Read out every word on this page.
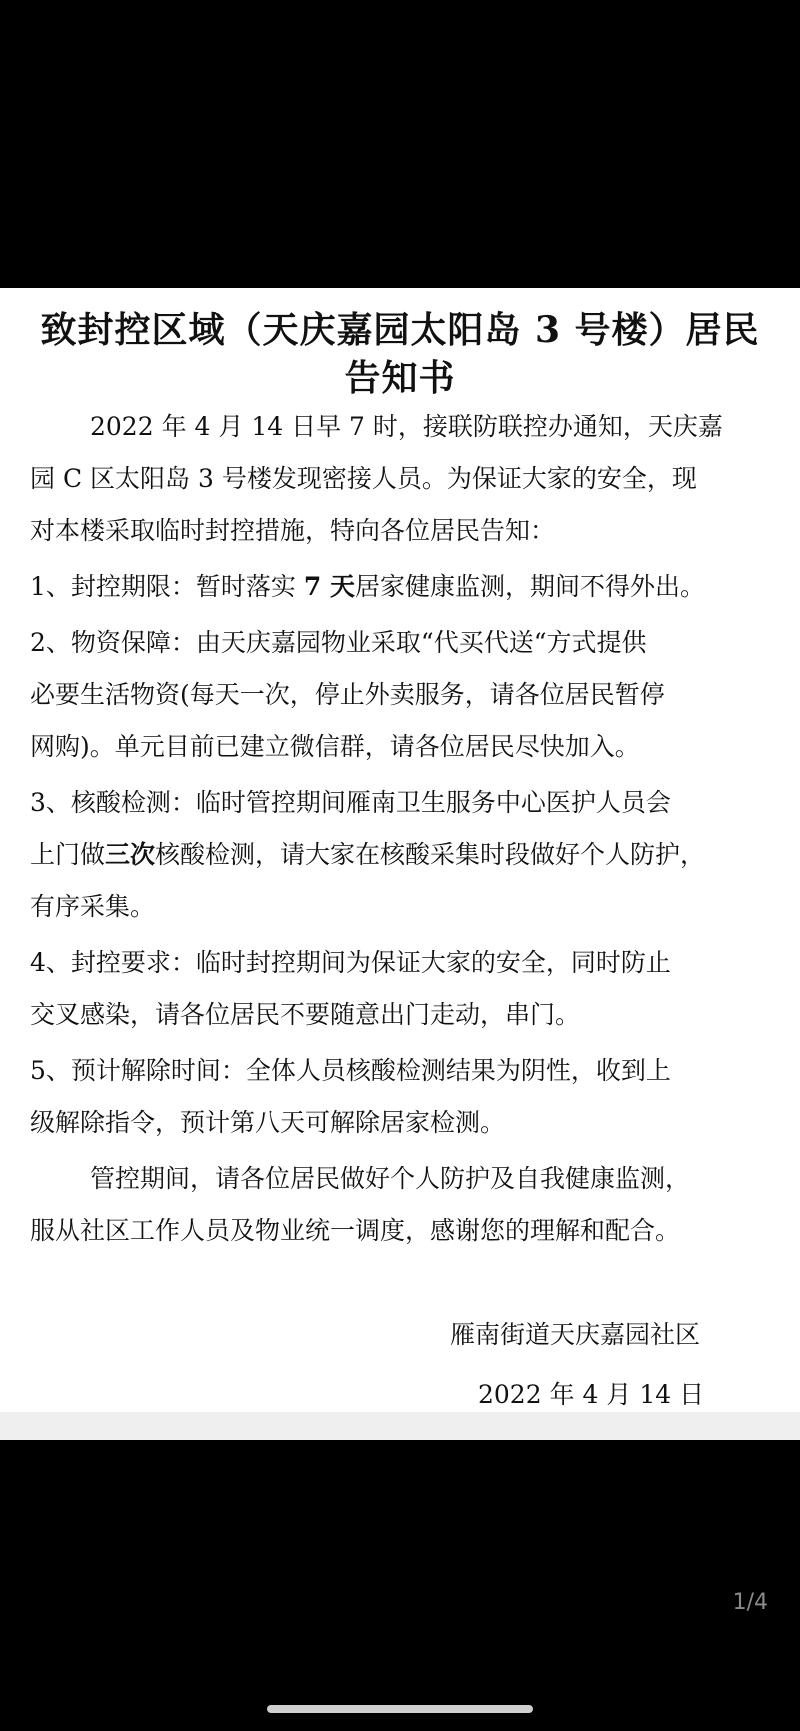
致封控区域（天庆嘉园太阳岛 3 号楼）居民
告知书
2022 年 4 月 14 日早 7 时，接联防联控办通知，天庆嘉
园 C 区太阳岛 3 号楼发现密接人员。为保证大家的安全，现
对本楼采取临时封控措施，特向各位居民告知：
1、封控期限：暂时落实 7 天居家健康监测，期间不得外出。
2、物资保障：由天庆嘉园物业采取“代买代送“方式提供
必要生活物资(每天一次，停止外卖服务，请各位居民暂停
网购)。单元目前已建立微信群，请各位居民尽快加入。
3、核酸检测：临时管控期间雁南卫生服务中心医护人员会
上门做三次核酸检测，请大家在核酸采集时段做好个人防护，
有序采集。
4、封控要求：临时封控期间为保证大家的安全，同时防止
交叉感染，请各位居民不要随意出门走动，串门。
5、预计解除时间：全体人员核酸检测结果为阴性，收到上
级解除指令，预计第八天可解除居家检测。
管控期间，请各位居民做好个人防护及自我健康监测，
服从社区工作人员及物业统一调度，感谢您的理解和配合。
雁南街道天庆嘉园社区
2022 年 4 月 14 日
1/4
